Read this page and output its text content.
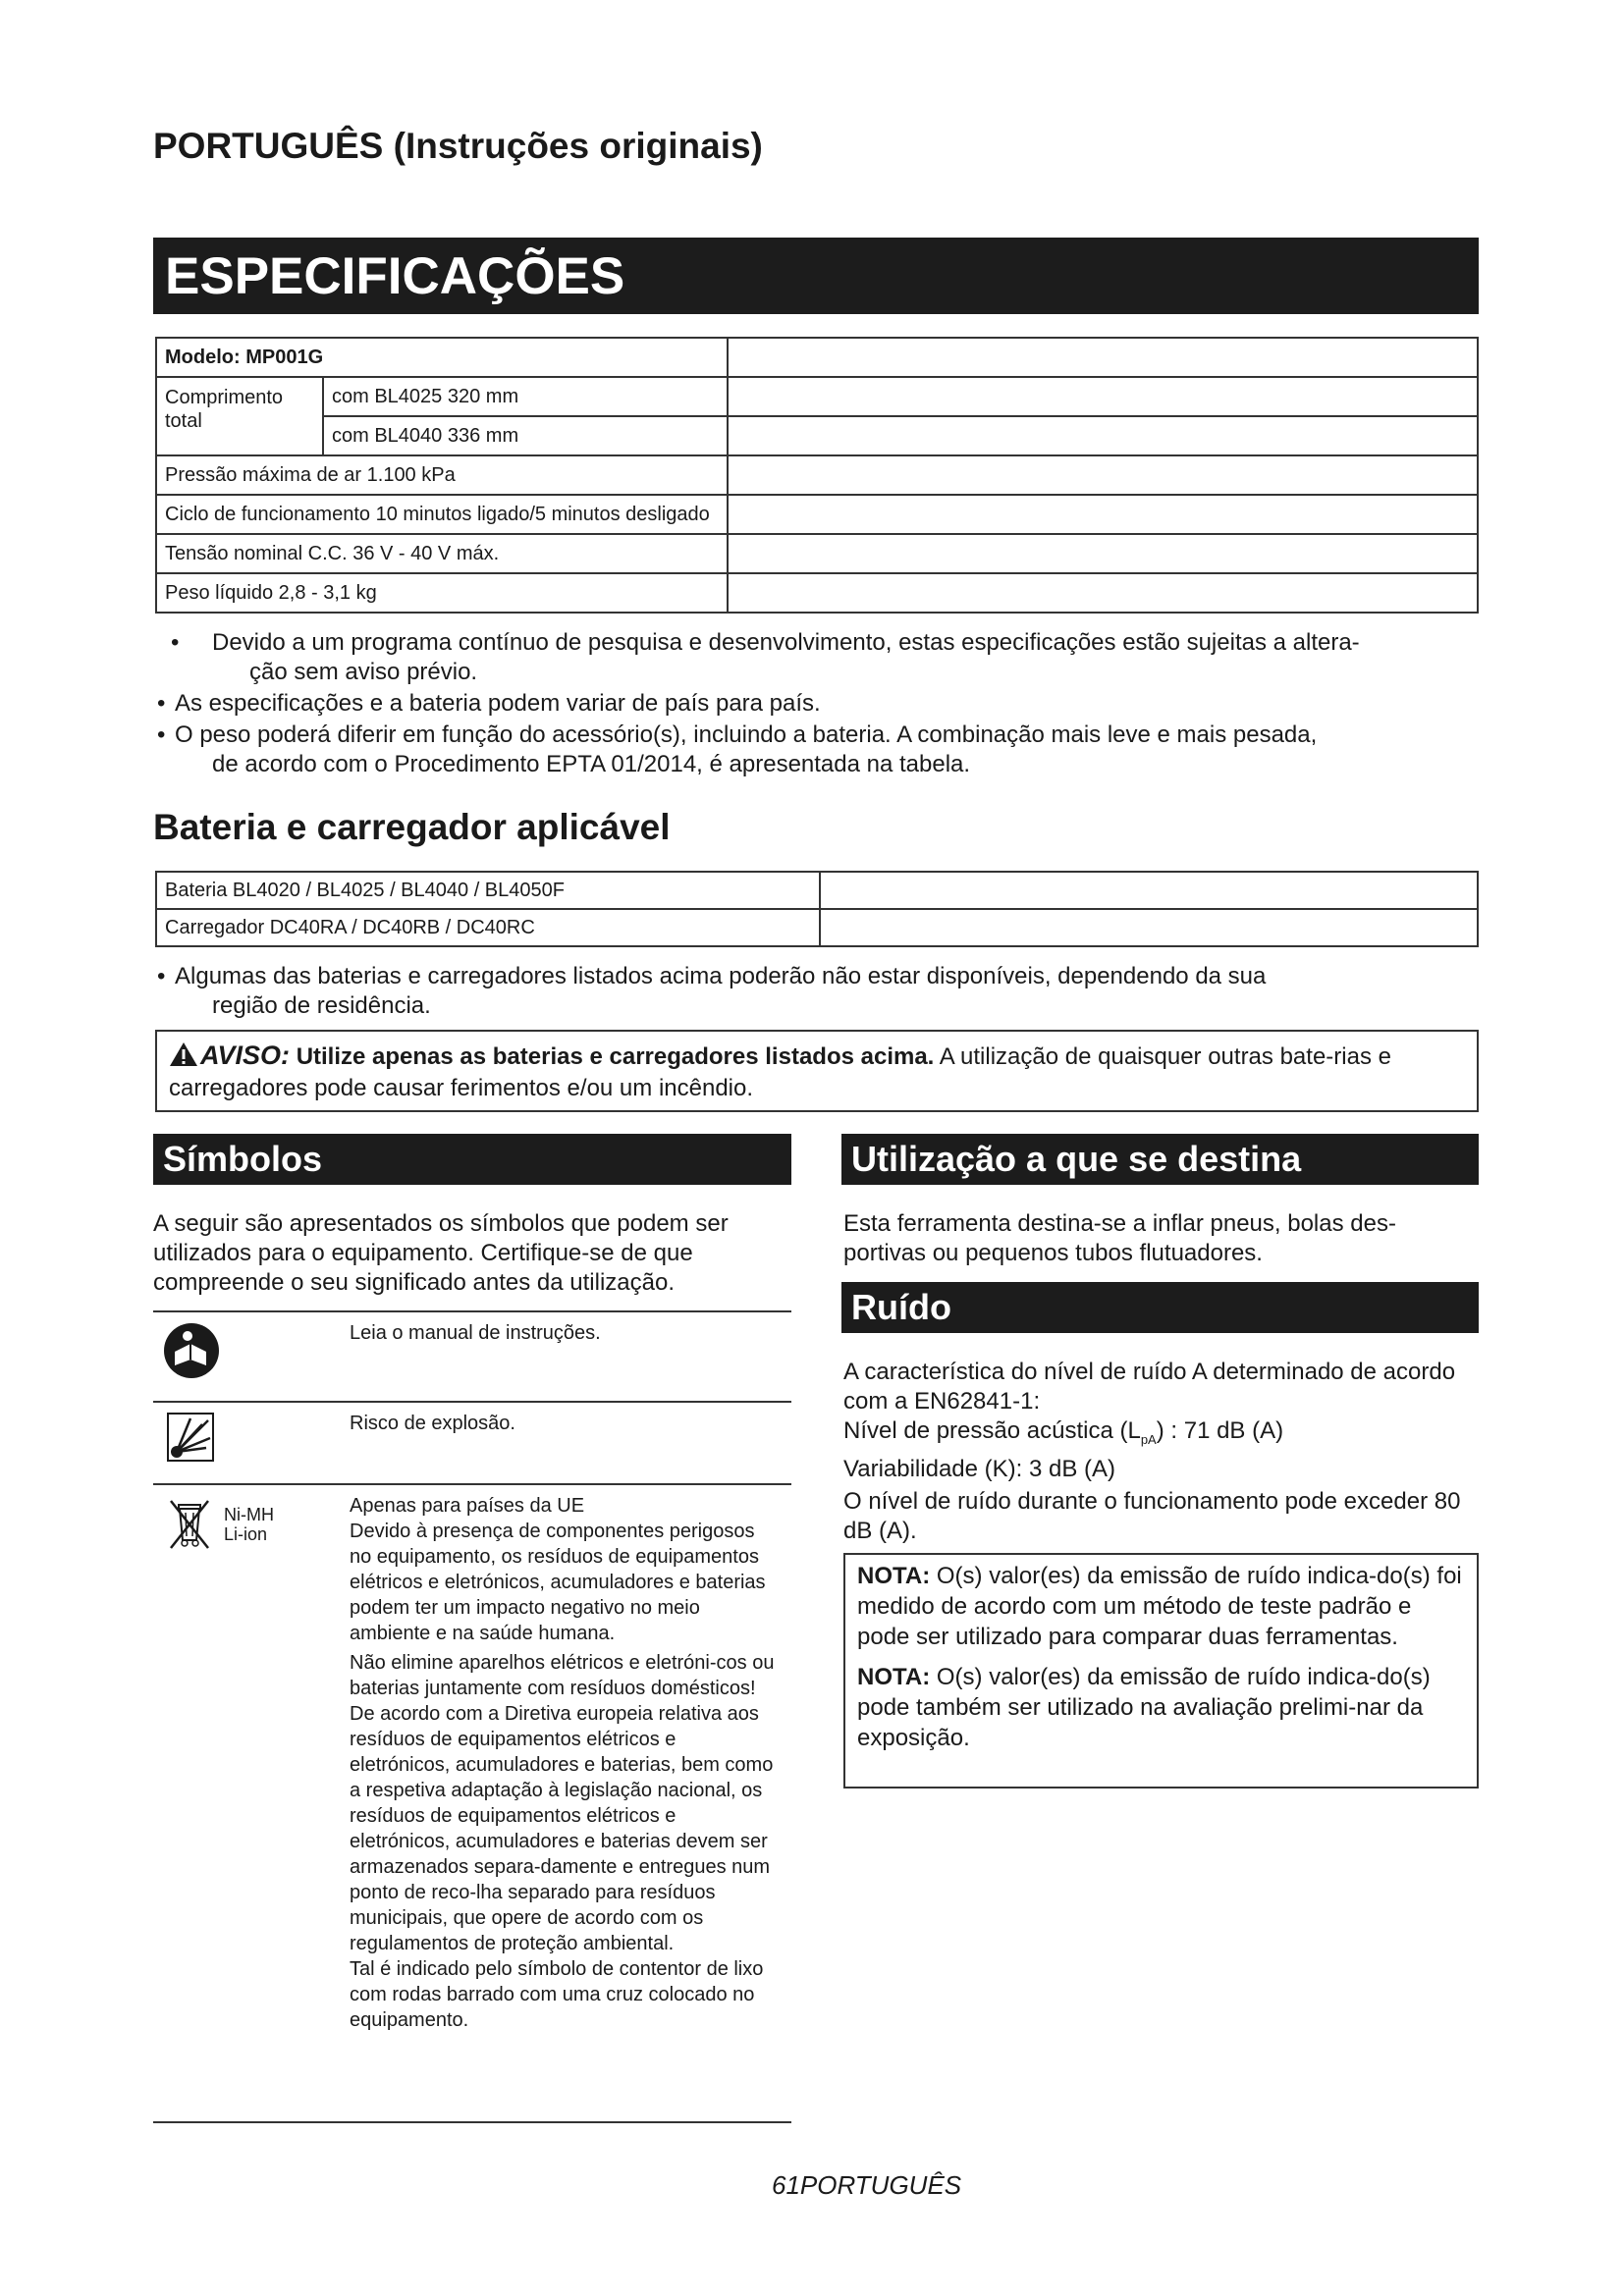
PORTUGUÊS (Instruções originais)
ESPECIFICAÇÕES
Modelo: MP001G		
Comprimento total	com BL4025 320 mm	
	com BL4040 336 mm	
Pressão máxima de ar 1.100 kPa		
Ciclo de funcionamento 10 minutos ligado/5 minutos desligado		
Tensão nominal C.C. 36 V - 40 V máx.		
Peso líquido 2,8 - 3,1 kg		
• Devido a um programa contínuo de pesquisa e desenvolvimento, estas especificações estão sujeitas a altera-
ção sem aviso prévio.
• As especificações e a bateria podem variar de país para país.
• O peso poderá diferir em função do acessório(s), incluindo a bateria. A combinação mais leve e mais pesada,
de acordo com o Procedimento EPTA 01/2014, é apresentada na tabela.
Bateria e carregador aplicável
Bateria BL4020 / BL4025 / BL4040 / BL4050F	
Carregador DC40RA / DC40RB / DC40RC	
• Algumas das baterias e carregadores listados acima poderão não estar disponíveis, dependendo da sua
região de residência.
AVISO: Utilize apenas as baterias e carregadores listados acima. A utilização de quaisquer outras bate-rias e carregadores pode causar ferimentos e/ou um incêndio.
Símbolos	Utilização a que se destina
A seguir são apresentados os símbolos que podem ser utilizados para o equipamento. Certifique-se de que compreende o seu significado antes da utilização.
Esta ferramenta destina-se a inflar pneus, bolas des-portivas ou pequenos tubos flutuadores.
Ruído
A característica do nível de ruído A determinado de acordo com a EN62841-1:
Nível de pressão acústica $(L_{pA})$ : 71 dB (A)
Variabilidade (K): 3 dB (A)
O nível de ruído durante o funcionamento pode exceder 80 dB (A).

NOTA: O(s) valor(es) da emissão de ruído indica-do(s) foi medido de acordo com um método de teste padrão e pode ser utilizado para comparar duas ferramentas.

NOTA: O(s) valor(es) da emissão de ruído indica-do(s) pode também ser utilizado na avaliação prelimi-nar da exposição.

Leia o manual de instruções.
Risco de explosão.
Ni-MH
Li-ion

Apenas para países da UE

Devido à presença de componentes perigosos no equipamento, os resíduos de equipamentos elétricos e eletrónicos, acumuladores e baterias podem ter um impacto negativo no meio ambiente e na saúde humana.

Não elimine aparelhos elétricos e eletróni-cos ou baterias juntamente com resíduos domésticos!

De acordo com a Diretiva europeia relativa aos resíduos de equipamentos elétricos e eletrónicos, acumuladores e baterias, bem como a respetiva adaptação à legislação nacional, os resíduos de equipamentos elétricos e eletrónicos, acumuladores e baterias devem ser armazenados separa-damente e entregues num ponto de reco-lha separado para resíduos municipais, que opere de acordo com os regulamentos de proteção ambiental.

Tal é indicado pelo símbolo de contentor de lixo com rodas barrado com uma cruz colocado no equipamento.

61PORTUGUÊS
